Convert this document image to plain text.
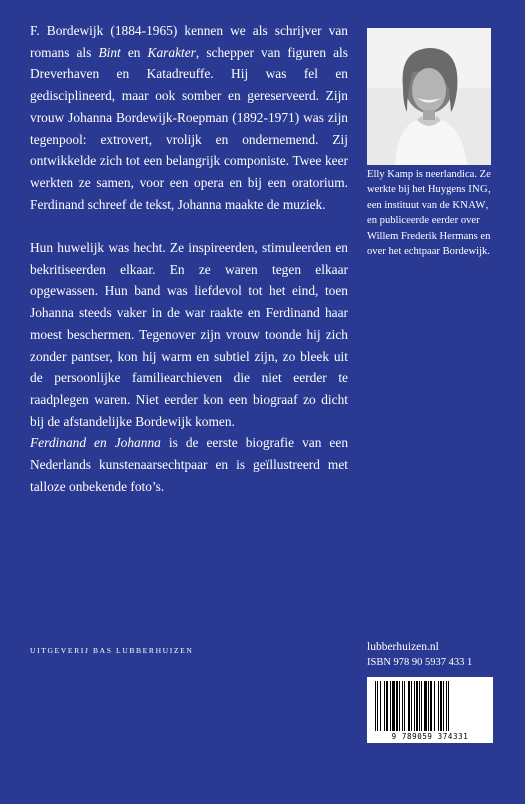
F. Bordewijk (1884-1965) kennen we als schrijver van romans als Bint en Karakter, schepper van figuren als Dreverhaven en Katadreuffe. Hij was fel en gedisciplineerd, maar ook somber en gereserveerd. Zijn vrouw Johanna Bordewijk-Roepman (1892-1971) was zijn tegenpool: extrovert, vrolijk en ondernemend. Zij ontwikkelde zich tot een belangrijk componiste. Twee keer werkten ze samen, voor een opera en bij een oratorium. Ferdinand schreef de tekst, Johanna maakte de muziek.

Hun huwelijk was hecht. Ze inspireerden, stimuleerden en bekritiseerden elkaar. En ze waren tegen elkaar opgewassen. Hun band was liefdevol tot het eind, toen Johanna steeds vaker in de war raakte en Ferdinand haar moest beschermen. Tegenover zijn vrouw toonde hij zich zonder pantser, kon hij warm en subtiel zijn, zo bleek uit de persoonlijke familiearchieven die niet eerder te raadplegen waren. Niet eerder kon een biograaf zo dicht bij de afstandelijke Bordewijk komen.

Ferdinand en Johanna is de eerste biografie van een Nederlands kunstenaarsechtpaar en is geïllustreerd met talloze onbekende foto’s.

Elly Kamp is neerlandica. Ze werkte bij het Huygens ING, een instituut van de KNAW, en publiceerde eerder over Willem Frederik Hermans en over het echtpaar Bordewijk.

UITGEVERIJ BAS LUBBERHUIZEN	lubberhuizen.nl

ISBN 978 90 5937 433 1

9 789059 374331
